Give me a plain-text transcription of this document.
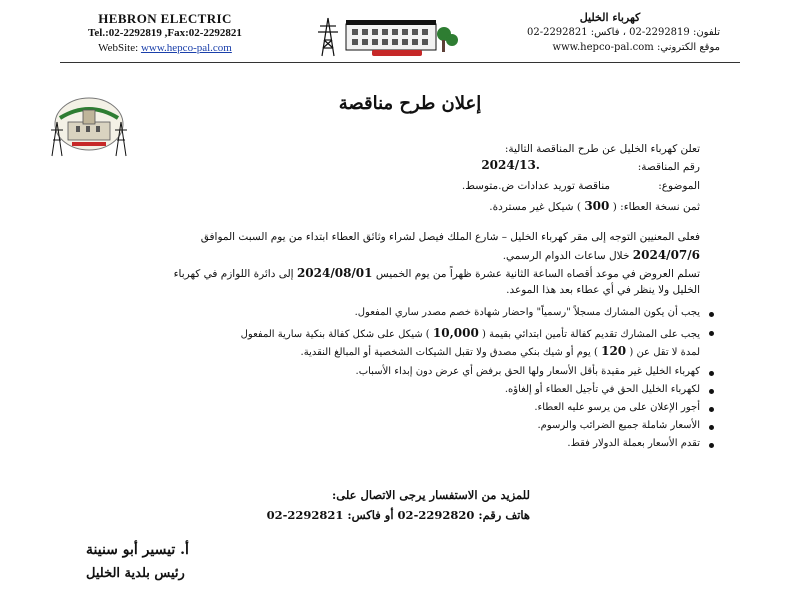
HEBRON ELECTRIC
Tel.:02-2292819 ,Fax:02-2292821
WebSite: www.hepco-pal.com
كهرباء الخليل
تلفون: 2292819-02 ، فاكس: 2292821-02
موقع الكتروني: www.hepco-pal.com
إعلان طرح مناقصة
تعلن كهرباء الخليل عن طرح المناقصة التالية:
رقم المناقصة:
2024/13.
الموضوع:
مناقصة توريد عدادات ض.متوسط.
ثمن نسخة العطاء: ( 300 ) شيكل غير مستردة.
فعلى المعنيين التوجه إلى مقر كهرباء الخليل – شارع الملك فيصل لشراء وثائق العطاء ابتداء من يوم السبت الموافق
2024/07/6 خلال ساعات الدوام الرسمي.
تسلم العروض في موعد أقصاه الساعة الثانية عشرة ظهراً من يوم الخميس 2024/08/01 إلى دائرة اللوازم في كهرباء
الخليل ولا ينظر في أي عطاء بعد هذا الموعد.
يجب أن يكون المشارك مسجلاً "رسمياً" واحضار شهادة خصم مصدر ساري المفعول.
يجب على المشارك تقديم كفالة تأمين ابتدائي بقيمة ( 10,000 ) شيكل على شكل كفالة بنكية سارية المفعول
لمدة لا تقل عن ( 120 ) يوم أو شيك بنكي مصدق ولا تقبل الشيكات الشخصية أو المبالغ النقدية.
كهرباء الخليل غير مقيدة بأقل الأسعار ولها الحق برفض أي عرض دون إبداء الأسباب.
لكهرباء الخليل الحق في تأجيل العطاء أو إلغاؤه.
أجور الإعلان على من يرسو عليه العطاء.
الأسعار شاملة جميع الضرائب والرسوم.
تقدم الأسعار بعملة الدولار فقط.
للمزيد من الاستفسار يرجى الاتصال على:
هاتف رقم: 2292820-02 أو فاكس: 2292821-02
أ. تيسير أبو سنينة
رئيس بلدية الخليل
